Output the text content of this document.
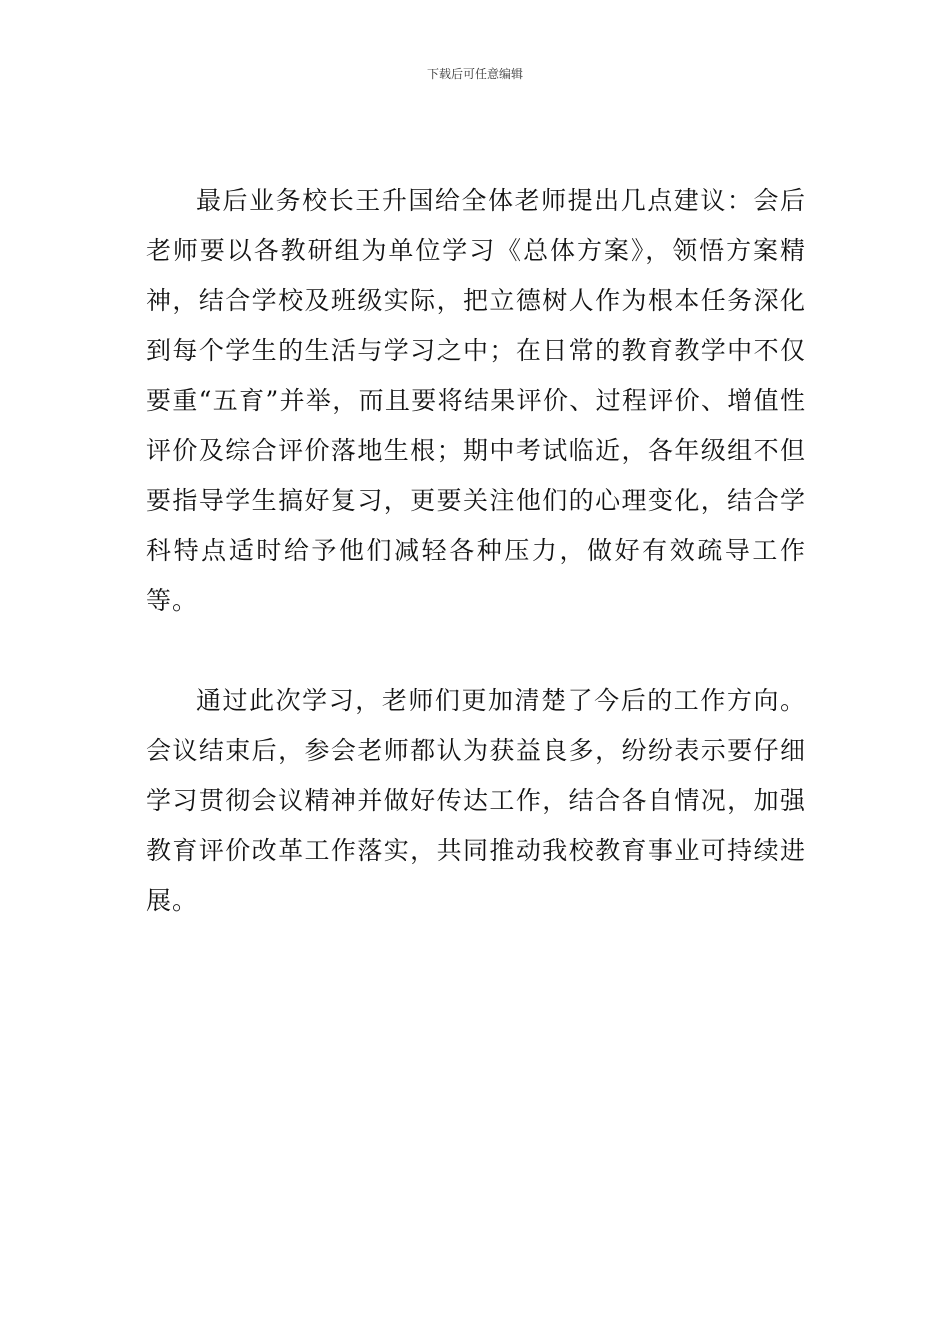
下载后可任意编辑

最后业务校长王升国给全体老师提出几点建议：会后老师要以各教研组为单位学习《总体方案》，领悟方案精神，结合学校及班级实际，把立德树人作为根本任务深化到每个学生的生活与学习之中；在日常的教育教学中不仅要重“五育”并举，而且要将结果评价、过程评价、增值性评价及综合评价落地生根；期中考试临近，各年级组不但要指导学生搞好复习，更要关注他们的心理变化，结合学科特点适时给予他们减轻各种压力，做好有效疏导工作等。

通过此次学习，老师们更加清楚了今后的工作方向。会议结束后，参会老师都认为获益良多，纷纷表示要仔细学习贯彻会议精神并做好传达工作，结合各自情况，加强教育评价改革工作落实，共同推动我校教育事业可持续进展。
